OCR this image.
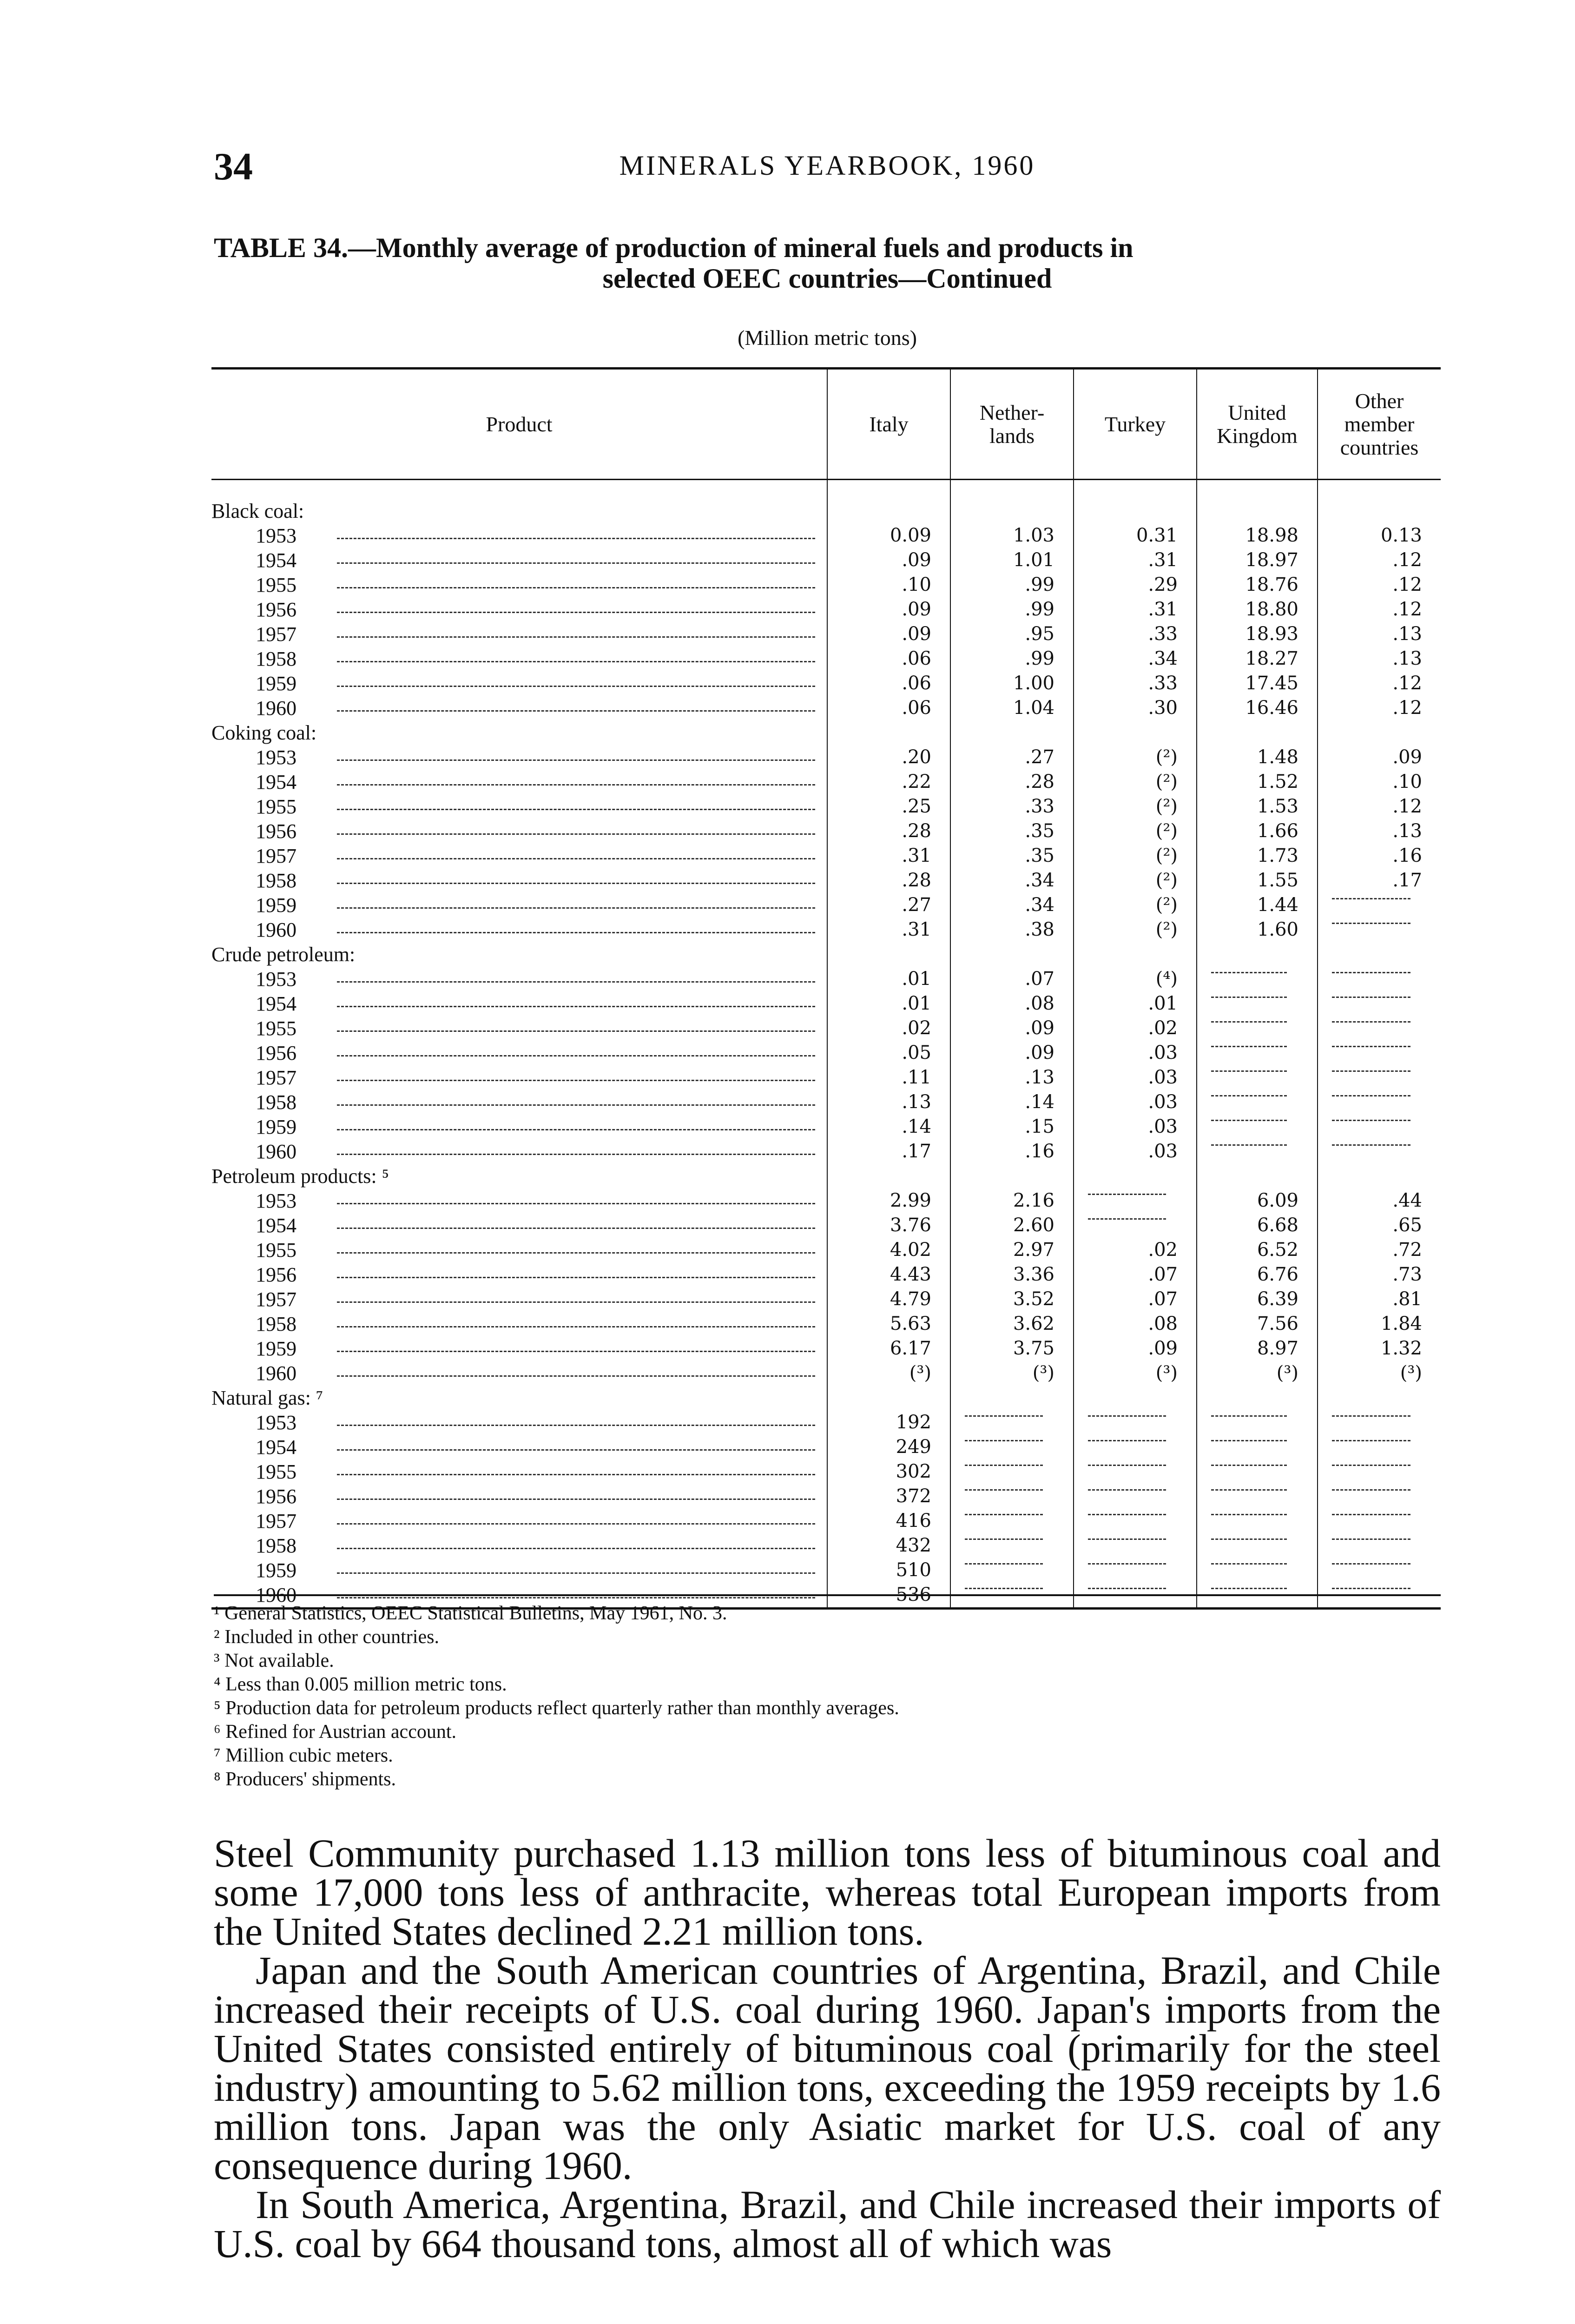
34	MINERALS YEARBOOK, 1960
TABLE 34.—Monthly average of production of mineral fuels and products in
selected OEEC countries—Continued
(Million metric tons)
Product	Italy	Nether-
lands	Turkey	United
Kingdom	Other
member
countries

Black coal:					
1953	0.09	1.03	0.31	18.98	0.13
1954	.09	1.01	.31	18.97	.12
1955	.10	.99	.29	18.76	.12
1956	.09	.99	.31	18.80	.12
1957	.09	.95	.33	18.93	.13
1958	.06	.99	.34	18.27	.13
1959	.06	1.00	.33	17.45	.12
1960	.06	1.04	.30	16.46	.12
Coking coal:					
1953	.20	.27	(²)	1.48	.09
1954	.22	.28	(²)	1.52	.10
1955	.25	.33	(²)	1.53	.12
1956	.28	.35	(²)	1.66	.13
1957	.31	.35	(²)	1.73	.16
1958	.28	.34	(²)	1.55	.17
1959	.27	.34	(²)	1.44	

1960	.31	.38	(²)	1.60	

Crude petroleum:					
1953	.01	.07	(⁴)	

1954	.01	.08	.01	

1955	.02	.09	.02	

1956	.05	.09	.03	

1957	.11	.13	.03	

1958	.13	.14	.03	

1959	.14	.15	.03	

1960	.17	.16	.03	

Petroleum products: ⁵					
1953	2.99	2.16		6.09	.44
1954	3.76	2.60		6.68	.65
1955	4.02	2.97	.02	6.52	.72
1956	4.43	3.36	.07	6.76	.73
1957	4.79	3.52	.07	6.39	.81
1958	5.63	3.62	.08	7.56	1.84
1959	6.17	3.75	.09	8.97	1.32
1960	(³)	(³)	(³)	(³)	(³)
Natural gas: ⁷					
1953	192	

1954	249	

1955	302	

1956	372	

1957	416	

1958	432	

1959	510	

1960	536	

¹ General Statistics, OEEC Statistical Bulletins, May 1961, No. 3.
² Included in other countries.
³ Not available.
⁴ Less than 0.005 million metric tons.
⁵ Production data for petroleum products reflect quarterly rather than monthly averages.
⁶ Refined for Austrian account.
⁷ Million cubic meters.
⁸ Producers' shipments.

Steel Community purchased 1.13 million tons less of bituminous coal and some 17,000 tons less of anthracite, whereas total European imports from the United States declined 2.21 million tons.

Japan and the South American countries of Argentina, Brazil, and Chile increased their receipts of U.S. coal during 1960. Japan's imports from the United States consisted entirely of bituminous coal (primarily for the steel industry) amounting to 5.62 million tons, exceeding the 1959 receipts by 1.6 million tons. Japan was the only Asiatic market for U.S. coal of any consequence during 1960.

In South America, Argentina, Brazil, and Chile increased their imports of U.S. coal by 664 thousand tons, almost all of which was
